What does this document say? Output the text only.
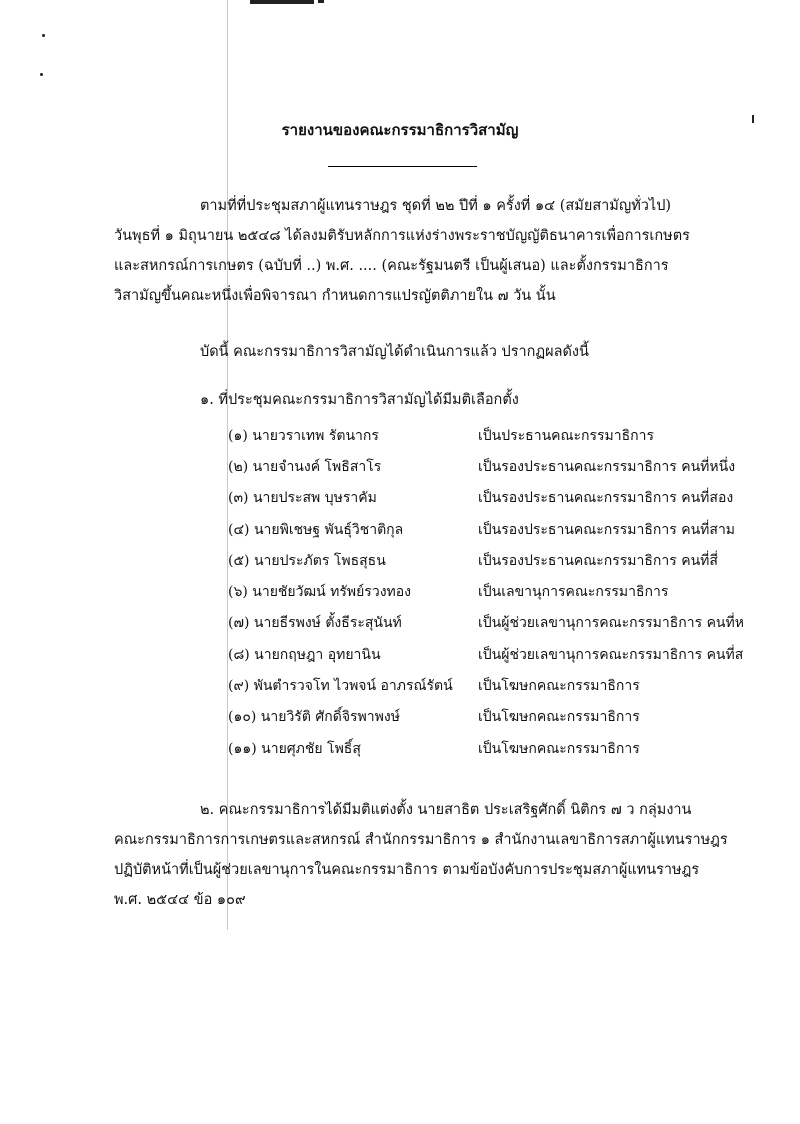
รายงานของคณะกรรมาธิการวิสามัญ
ตามที่ที่ประชุมสภาผู้แทนราษฎร ชุดที่ ๒๒ ปีที่ ๑ ครั้งที่ ๑๔ (สมัยสามัญทั่วไป)
วันพุธที่ ๑ มิถุนายน ๒๕๔๘ ได้ลงมติรับหลักการแห่งร่างพระราชบัญญัติธนาคารเพื่อการเกษตร
และสหกรณ์การเกษตร (ฉบับที่ ..) พ.ศ. .... (คณะรัฐมนตรี เป็นผู้เสนอ) และตั้งกรรมาธิการ
วิสามัญขึ้นคณะหนึ่งเพื่อพิจารณา กำหนดการแปรญัตติภายใน ๗ วัน นั้น
บัดนี้ คณะกรรมาธิการวิสามัญได้ดำเนินการแล้ว ปรากฏผลดังนี้
๑. ที่ประชุมคณะกรรมาธิการวิสามัญได้มีมติเลือกตั้ง
(๑) นายวราเทพ รัตนากร	เป็นประธานคณะกรรมาธิการ
(๒) นายจำนงค์ โพธิสาโร	เป็นรองประธานคณะกรรมาธิการ คนที่หนึ่ง
(๓) นายประสพ บุษราคัม	เป็นรองประธานคณะกรรมาธิการ คนที่สอง
(๔) นายพิเชษฐ พันธุ์วิชาติกุล	เป็นรองประธานคณะกรรมาธิการ คนที่สาม
(๕) นายประภัตร โพธสุธน	เป็นรองประธานคณะกรรมาธิการ คนที่สี่
(๖) นายชัยวัฒน์ ทรัพย์รวงทอง	เป็นเลขานุการคณะกรรมาธิการ
(๗) นายธีรพงษ์ ตั้งธีระสุนันท์	เป็นผู้ช่วยเลขานุการคณะกรรมาธิการ คนที่ห
(๘) นายกฤษฎา อุทยานิน	เป็นผู้ช่วยเลขานุการคณะกรรมาธิการ คนที่ส
(๙) พันตำรวจโท ไวพจน์ อาภรณ์รัตน์	เป็นโฆษกคณะกรรมาธิการ
(๑๐) นายวิรัติ ศักดิ์จิรพาพงษ์	เป็นโฆษกคณะกรรมาธิการ
(๑๑) นายศุภชัย โพธิ์สุ	เป็นโฆษกคณะกรรมาธิการ
๒. คณะกรรมาธิการได้มีมติแต่งตั้ง นายสาธิต ประเสริฐศักดิ์ นิติกร ๗ ว กลุ่มงาน
คณะกรรมาธิการการเกษตรและสหกรณ์ สำนักกรรมาธิการ ๑ สำนักงานเลขาธิการสภาผู้แทนราษฎร
ปฏิบัติหน้าที่เป็นผู้ช่วยเลขานุการในคณะกรรมาธิการ ตามข้อบังคับการประชุมสภาผู้แทนราษฎร
พ.ศ. ๒๕๔๔ ข้อ ๑๐๙
